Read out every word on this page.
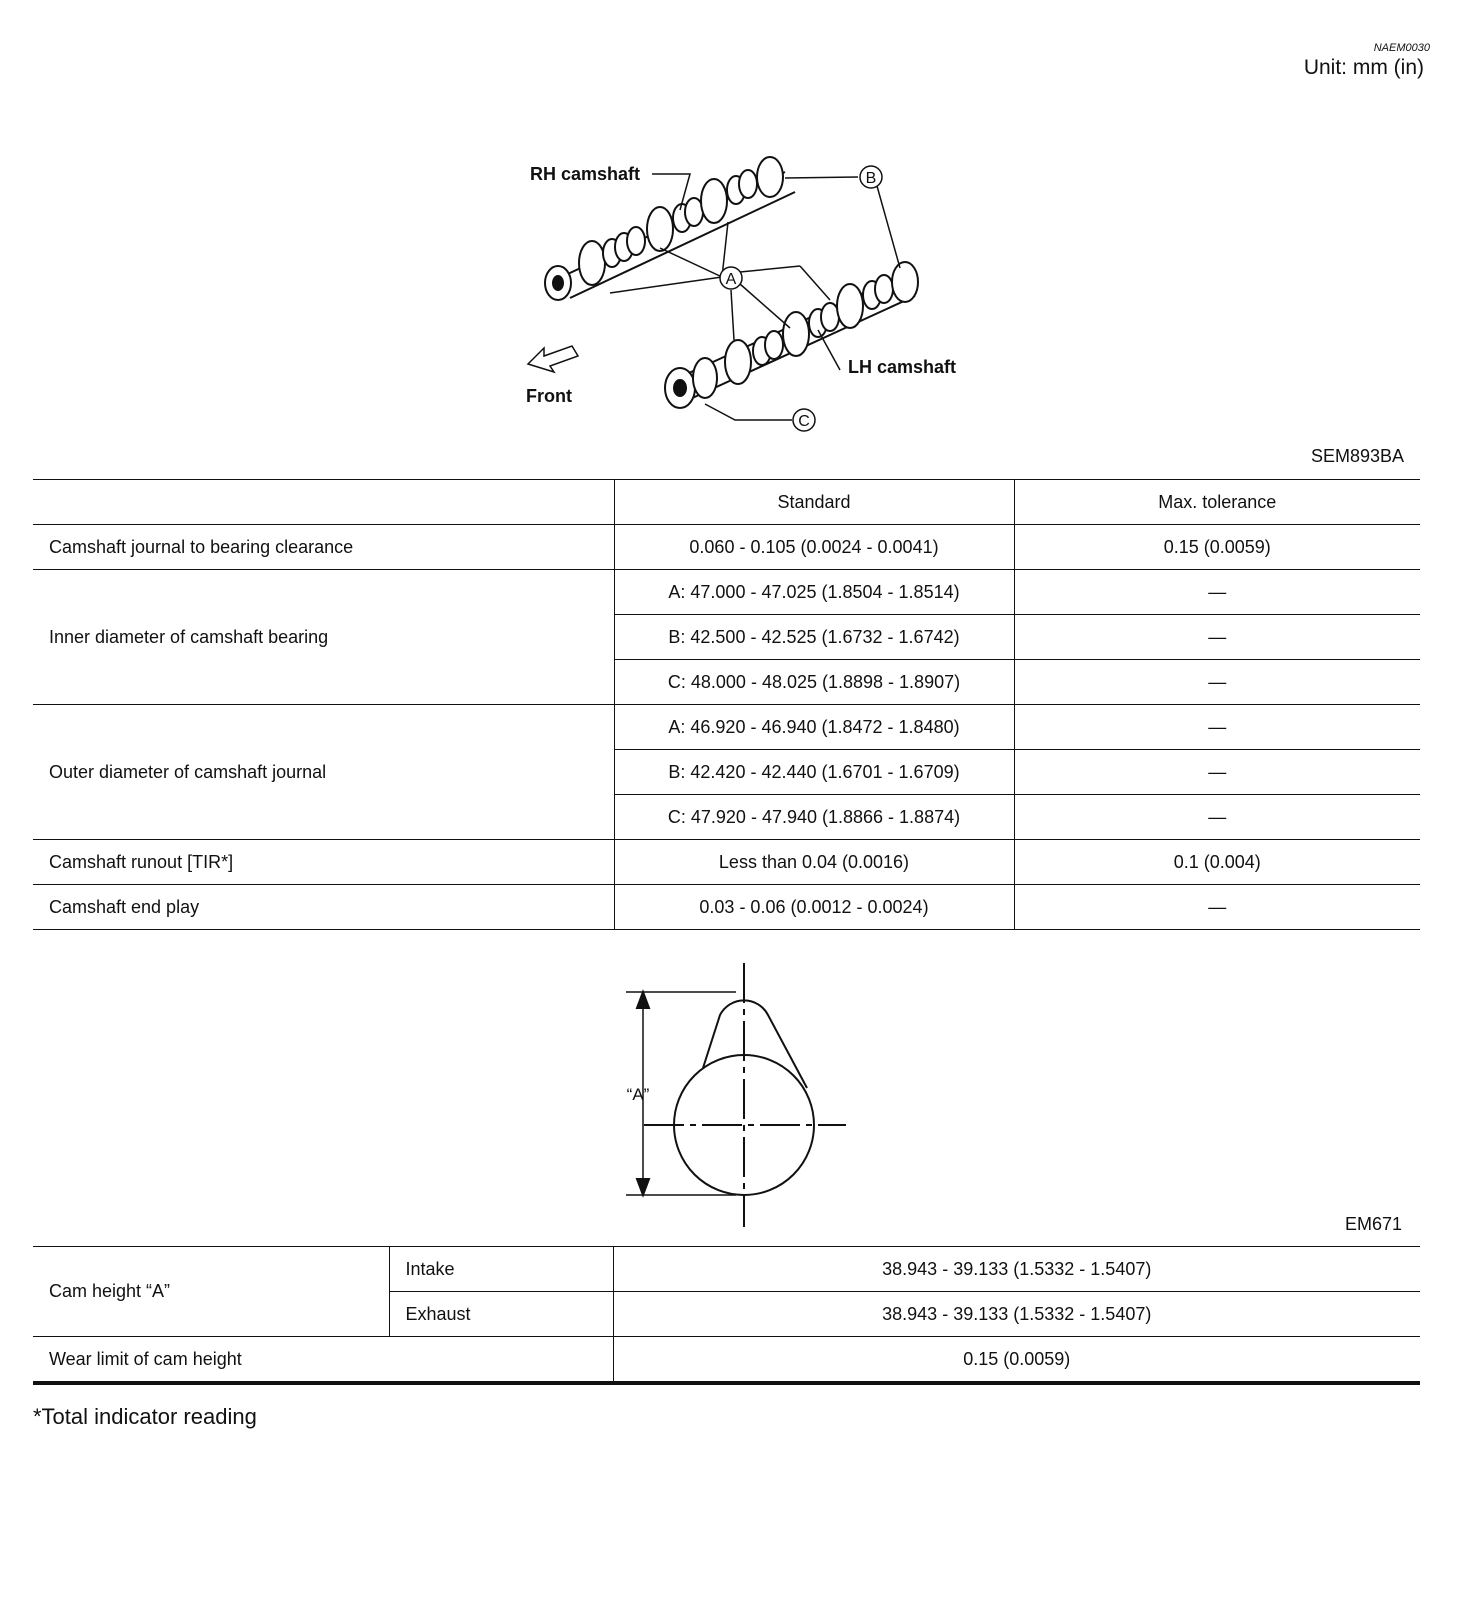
NAEM0030
Unit: mm (in)
A
B
C
RH camshaft
LH camshaft
Front
SEM893BA
	Standard	Max. tolerance
Camshaft journal to bearing clearance	0.060 - 0.105 (0.0024 - 0.0041)	0.15 (0.0059)
Inner diameter of camshaft bearing	A: 47.000 - 47.025 (1.8504 - 1.8514)	—
	B: 42.500 - 42.525 (1.6732 - 1.6742)	—
	C: 48.000 - 48.025 (1.8898 - 1.8907)	—
Outer diameter of camshaft journal	A: 46.920 - 46.940 (1.8472 - 1.8480)	—
	B: 42.420 - 42.440 (1.6701 - 1.6709)	—
	C: 47.920 - 47.940 (1.8866 - 1.8874)	—
Camshaft runout [TIR*]	Less than 0.04 (0.0016)	0.1 (0.004)
Camshaft end play	0.03 - 0.06 (0.0012 - 0.0024)	—
“A”
EM671
Cam height “A”	Intake	38.943 - 39.133 (1.5332 - 1.5407)
	Exhaust	38.943 - 39.133 (1.5332 - 1.5407)
Wear limit of cam height		0.15 (0.0059)
*Total indicator reading
